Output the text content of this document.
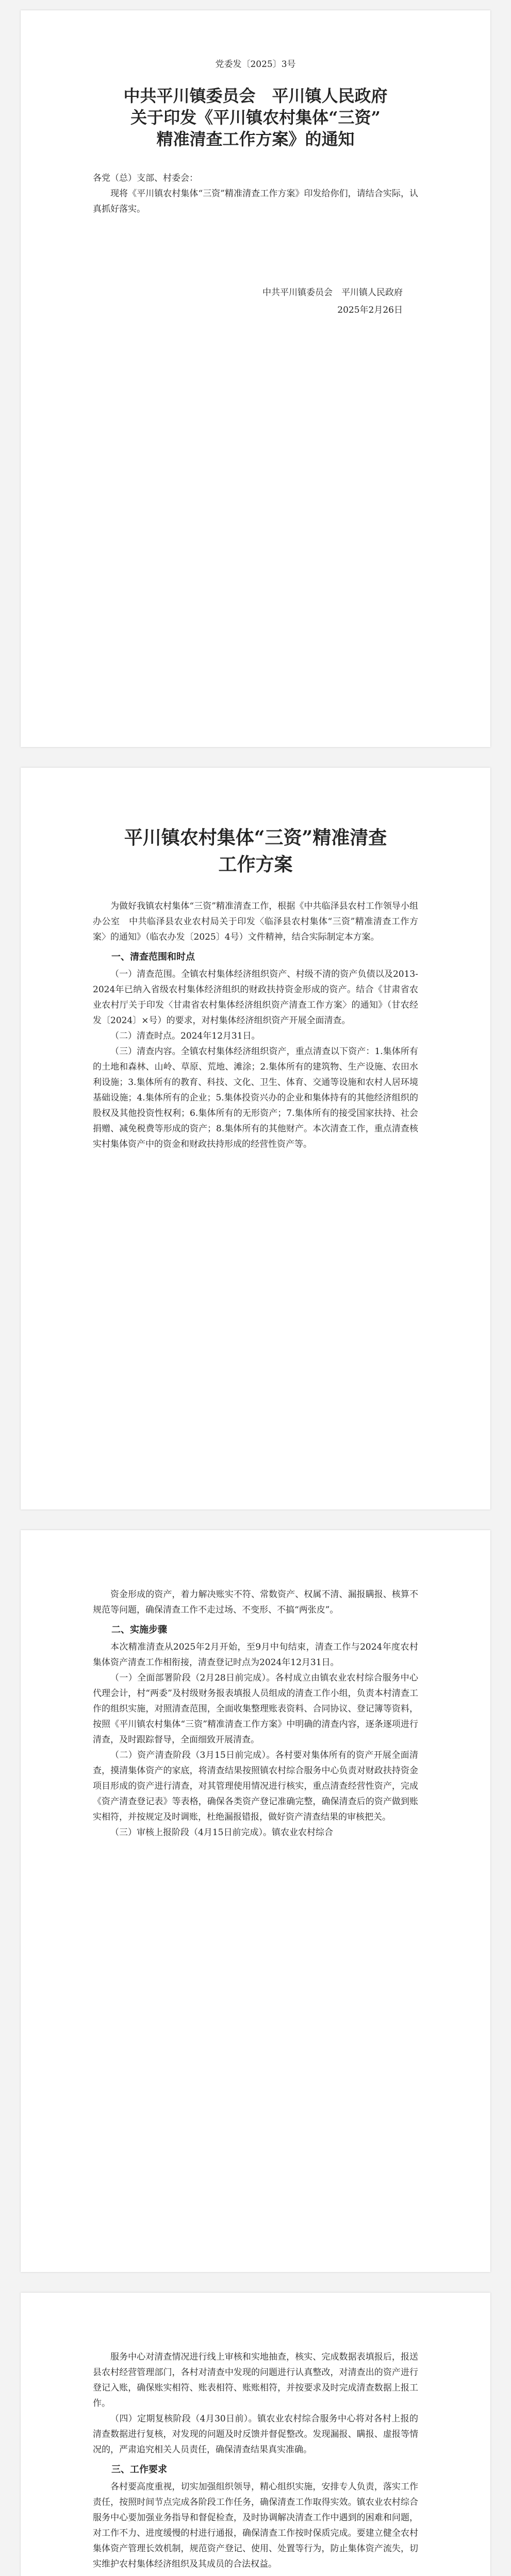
党委发〔2025〕3号
中共平川镇委员会　平川镇人民政府
关于印发《平川镇农村集体“三资”
精准清查工作方案》的通知

各党（总）支部、村委会：

现将《平川镇农村集体“三资”精准清查工作方案》印发给你们，请结合实际，认真抓好落实。

中共平川镇委员会　平川镇人民政府
2025年2月26日
平川镇农村集体“三资”精准清查
工作方案

为做好我镇农村集体“三资”精准清查工作，根据《中共临泽县农村工作领导小组办公室　中共临泽县农业农村局关于印发〈临泽县农村集体“三资”精准清查工作方案〉的通知》（临农办发〔2025〕4号）文件精神，结合实际制定本方案。

一、清查范围和时点

（一）清查范围。全镇农村集体经济组织资产、村级不清的资产负债以及2013-2024年已纳入省级农村集体经济组织的财政扶持资金形成的资产。结合《甘肃省农业农村厅关于印发〈甘肃省农村集体经济组织资产清查工作方案〉的通知》（甘农经发〔2024〕×号）的要求，对村集体经济组织资产开展全面清查。

（二）清查时点。2024年12月31日。

（三）清查内容。全镇农村集体经济组织资产，重点清查以下资产：1.集体所有的土地和森林、山岭、草原、荒地、滩涂；2.集体所有的建筑物、生产设施、农田水利设施；3.集体所有的教育、科技、文化、卫生、体育、交通等设施和农村人居环境基础设施；4.集体所有的企业；5.集体投资兴办的企业和集体持有的其他经济组织的股权及其他投资性权利；6.集体所有的无形资产；7.集体所有的接受国家扶持、社会捐赠、减免税费等形成的资产；8.集体所有的其他财产。本次清查工作，重点清查核实村集体资产中的资金和财政扶持形成的经营性资产等。

资金形成的资产，着力解决账实不符、常数资产、权属不清、漏报瞒报、核算不规范等问题，确保清查工作不走过场、不变形、不搞“两张皮”。

二、实施步骤

本次精准清查从2025年2月开始，至9月中旬结束，清查工作与2024年度农村集体资产清查工作相衔接，清查登记时点为2024年12月31日。

（一）全面部署阶段（2月28日前完成）。各村成立由镇农业农村综合服务中心代理会计，村“两委”及村级财务报表填报人员组成的清查工作小组，负责本村清查工作的组织实施，对照清查范围，全面收集整理账表资料、合同协议、登记簿等资料，按照《平川镇农村集体“三资”精准清查工作方案》中明确的清查内容，逐条逐项进行清查，及时跟踪督导，全面细致开展清查。

（二）资产清查阶段（3月15日前完成）。各村要对集体所有的资产开展全面清查，摸清集体资产的家底，将清查结果按照镇农村综合服务中心负责对财政扶持资金项目形成的资产进行清查，对其管理使用情况进行核实，重点清查经营性资产，完成《资产清查登记表》等表格，确保各类资产登记准确完整，确保清查后的资产做到账实相符，并按规定及时调账，杜绝漏报错报，做好资产清查结果的审核把关。

（三）审核上报阶段（4月15日前完成）。镇农业农村综合

服务中心对清查情况进行线上审核和实地抽查，核实、完成数据表填报后，报送县农村经营管理部门，各村对清查中发现的问题进行认真整改，对清查出的资产进行登记入账，确保账实相符、账表相符、账账相符，并按要求及时完成清查数据上报工作。

（四）定期复核阶段（4月30日前）。镇农业农村综合服务中心将对各村上报的清查数据进行复核，对发现的问题及时反馈并督促整改。发现漏报、瞒报、虚报等情况的，严肃追究相关人员责任，确保清查结果真实准确。

三、工作要求

各村要高度重视，切实加强组织领导，精心组织实施，安排专人负责，落实工作责任，按照时间节点完成各阶段工作任务，确保清查工作取得实效。镇农业农村综合服务中心要加强业务指导和督促检查，及时协调解决清查工作中遇到的困难和问题，对工作不力、进度缓慢的村进行通报，确保清查工作按时保质完成。要建立健全农村集体资产管理长效机制，规范资产登记、使用、处置等行为，防止集体资产流失，切实维护农村集体经济组织及其成员的合法权益。
